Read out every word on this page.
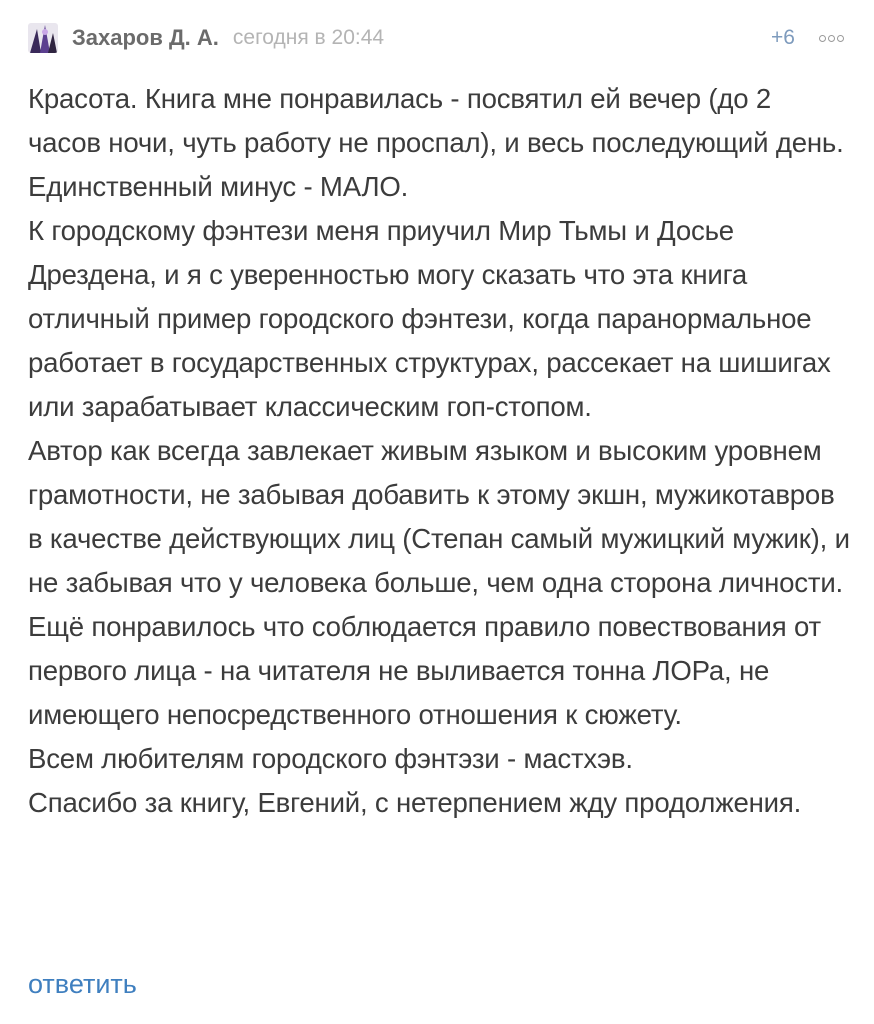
Захаров Д. А. сегодня в 20:44	+6

Красота. Книга мне понравилась - посвятил ей вечер (до 2 часов ночи, чуть работу не проспал), и весь последующий день. Единственный минус - МАЛО.

К городскому фэнтези меня приучил Мир Тьмы и Досье Дрездена, и я с уверенностью могу сказать что эта книга отличный пример городского фэнтези, когда паранормальное работает в государственных структурах, рассекает на шишигах или зарабатывает классическим гоп-стопом.

Автор как всегда завлекает живым языком и высоким уровнем грамотности, не забывая добавить к этому экшн, мужикотавров в качестве действующих лиц (Степан самый мужицкий мужик), и не забывая что у человека больше, чем одна сторона личности. Ещё понравилось что соблюдается правило повествования от первого лица - на читателя не выливается тонна ЛОРа, не имеющего непосредственного отношения к сюжету.

Всем любителям городского фэнтэзи - мастхэв.

Спасибо за книгу, Евгений, с нетерпением жду продолжения.

ответить
